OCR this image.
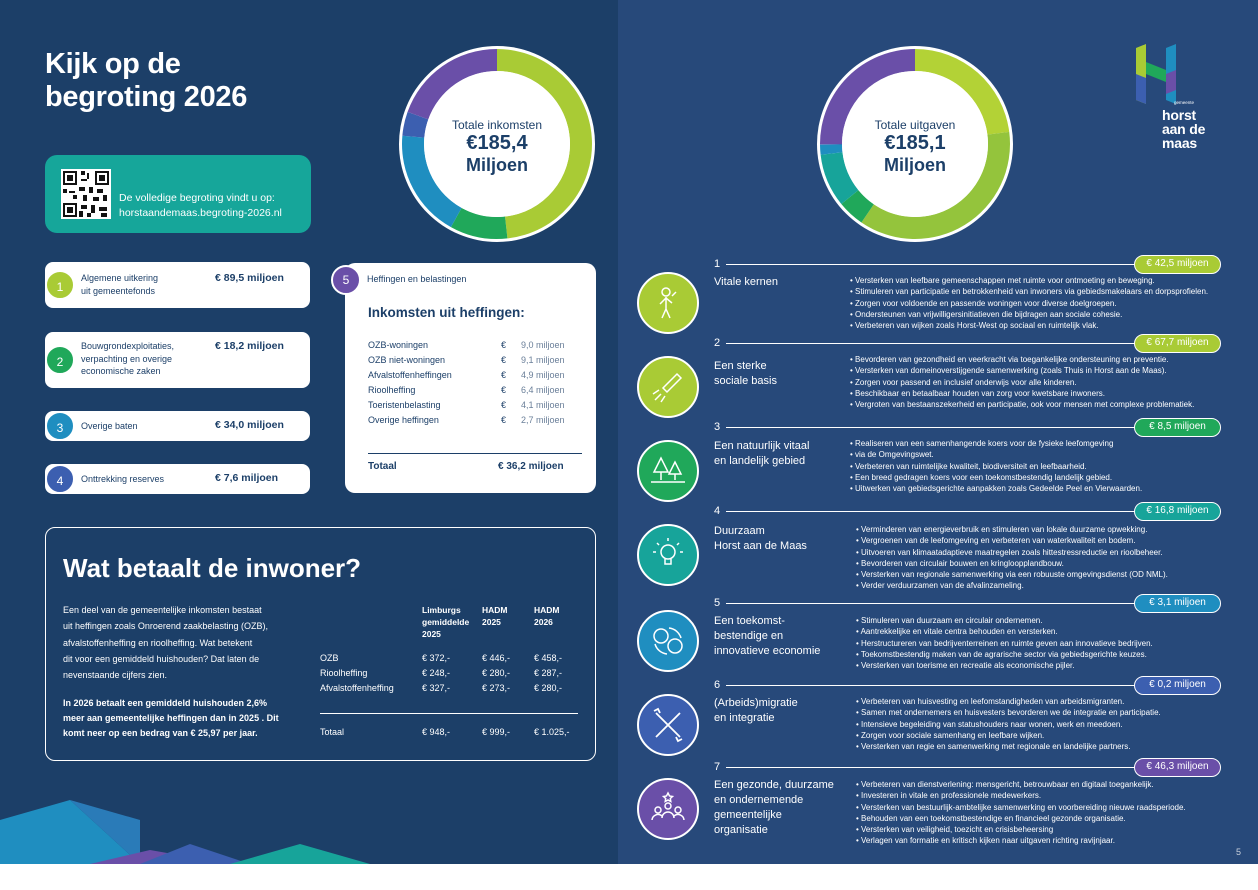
Kijk op de
begroting 2026
De volledige begroting vindt u op:
horstaandemaas.begroting-2026.nl
Totale inkomsten
€185,4
Miljoen
1
Algemene uitkering
uit gemeentefonds
€ 89,5 miljoen
2
Bouwgrondexploitaties,
verpachting en overige
economische zaken
€ 18,2 miljoen
3	Overige baten	€ 34,0 miljoen
4	Onttrekking reserves	€ 7,6 miljoen
Heffingen en belastingen
Inkomsten uit heffingen:
OZB-woningen	€ 9,0 miljoen
OZB niet-woningen	€ 9,1 miljoen
Afvalstoffenheffingen	€ 4,9 miljoen
Rioolheffing	€ 6,4 miljoen
Toeristenbelasting	€ 4,1 miljoen
Overige heffingen	€ 2,7 miljoen
Totaal	€ 36,2 miljoen
5
Wat betaalt de inwoner?
Een deel van de gemeentelijke inkomsten bestaat
uit heffingen zoals Onroerend zaakbelasting (OZB),
afvalstoffenheffing en rioolheffing. Wat betekent
dit voor een gemiddeld huishouden? Dat laten de
nevenstaande cijfers zien.
In 2026 betaalt een gemiddeld huishouden 2,6%
meer aan gemeentelijke heffingen dan in 2025 . Dit
komt neer op een bedrag van € 25,97 per jaar.
Limburgs
gemiddelde
2025
HADM
2025
HADM
2026
OZB	€ 372,-	€ 446,-	€ 458,-
Rioolheffing	€ 248,-	€ 280,-	€ 287,-
Afvalstoffenheffing	€ 327,-	€ 273,-	€ 280,-
Totaal	€ 948,-	€ 999,-	€ 1.025,-
Totale uitgaven
€185,1
Miljoen
gemeente
horst
aan de
maas
1	€ 42,5 miljoen
Vitale kernen
•	Versterken van leefbare gemeenschappen met ruimte voor ontmoeting en beweging.
• Stimuleren van participatie en betrokkenheid van inwoners via gebiedsmakelaars en dorpsprofielen.
• Zorgen voor voldoende en passende woningen voor diverse doelgroepen.
• Ondersteunen van vrijwilligersinitiatieven die bijdragen aan sociale cohesie.
• Verbeteren van wijken zoals Horst-West op sociaal en ruimtelijk vlak.
2	€ 67,7 miljoen
Een sterke
sociale basis
• Bevorderen van gezondheid en veerkracht via toegankelijke ondersteuning en preventie.
• Versterken van domeinoverstijgende samenwerking (zoals Thuis in Horst aan de Maas).
• Zorgen voor passend en inclusief onderwijs voor alle kinderen.
• Beschikbaar en betaalbaar houden van zorg voor kwetsbare inwoners.
• Vergroten van bestaanszekerheid en participatie, ook voor mensen met complexe problematiek.
3	€ 8,5 miljoen
Een natuurlijk vitaal
en landelijk gebied
• Realiseren van een samenhangende koers voor de fysieke leefomgeving
• via de Omgevingswet.
• Verbeteren van ruimtelijke kwaliteit, biodiversiteit en leefbaarheid.
• Een breed gedragen koers voor een toekomstbestendig landelijk gebied.
• Uitwerken van gebiedsgerichte aanpakken zoals Gedeelde Peel en Vierwaarden.
4	€ 16,8 miljoen
Duurzaam
Horst aan de Maas
• Verminderen van energieverbruik en stimuleren van lokale duurzame opwekking.
• Vergroenen van de leefomgeving en verbeteren van waterkwaliteit en bodem.
• Uitvoeren van klimaatadaptieve maatregelen zoals hittestressreductie en rioolbeheer.
• Bevorderen van circulair bouwen en kringloopplandbouw.
• Versterken van regionale samenwerking via een robuuste omgevingsdienst (OD NML).
• Verder verduurzamen van de afvalinzameling.
5	€ 3,1 miljoen
Een toekomst-
bestendige en
innovatieve economie
• Stimuleren van duurzaam en circulair ondernemen.
• Aantrekkelijke en vitale centra behouden en versterken.
• Herstructureren van bedrijventerreinen en ruimte geven aan innovatieve bedrijven.
• Toekomstbestendig maken van de agrarische sector via gebiedsgerichte keuzes.
• Versterken van toerisme en recreatie als economische pijler.
6	€ 0,2 miljoen
(Arbeids)migratie
en integratie
• Verbeteren van huisvesting en leefomstandigheden van arbeidsmigranten.
• Samen met ondernemers en huisvesters bevorderen we de integratie en participatie.
• Intensieve begeleiding van statushouders naar wonen, werk en meedoen.
• Zorgen voor sociale samenhang en leefbare wijken.
• Versterken van regie en samenwerking met regionale en landelijke partners.
7	€ 46,3 miljoen
Een gezonde, duurzame
en ondernemende
gemeentelijke
organisatie
• Verbeteren van dienstverlening: mensgericht, betrouwbaar en digitaal toegankelijk.
• Investeren in vitale en professionele medewerkers.
• Versterken van bestuurlijk-ambtelijke samenwerking en voorbereiding nieuwe raadsperiode.
• Behouden van een toekomstbestendige en financieel gezonde organisatie.
• Versterken van veiligheid, toezicht en crisisbeheersing
• Verlagen van formatie en kritisch kijken naar uitgaven richting ravijnjaar.
5
